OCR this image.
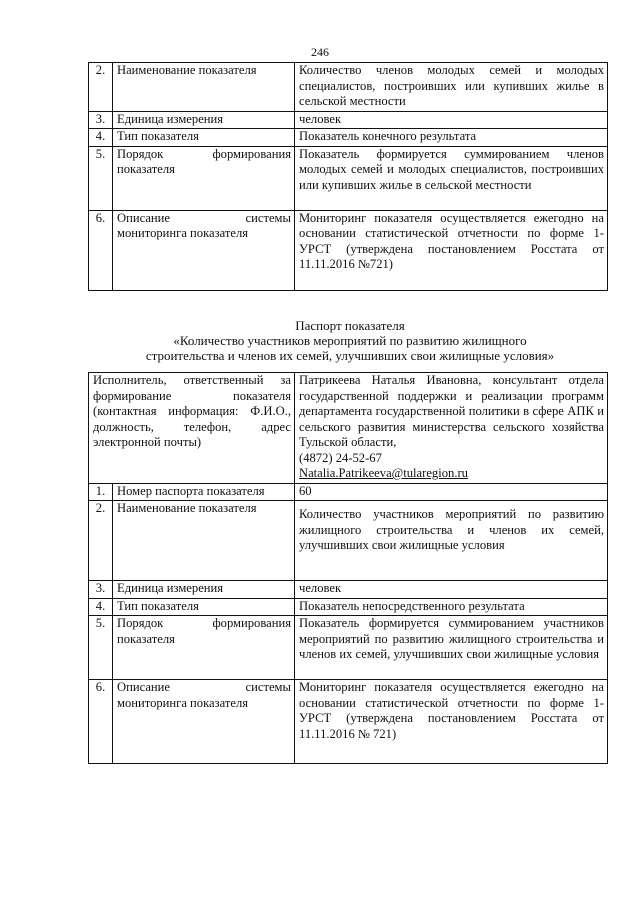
246
2.	Наименование показателя	Количество членов молодых семей и молодых специалистов, построивших или купивших жилье в сельской местности
3.	Единица измерения	человек
4.	Тип показателя	Показатель конечного результата
5.	Порядок формирования показателя	Показатель формируется суммированием членов молодых семей и молодых специалистов, построивших или купивших жилье в сельской местности
6.	Описание системы мониторинга показателя	Мониторинг показателя осуществляется ежегодно на основании статистической отчетности по форме 1-УРСТ (утверждена постановлением Росстата от 11.11.2016 №721)
Паспорт показателя
«Количество участников мероприятий по развитию жилищного
строительства и членов их семей, улучшивших свои жилищные условия»
Исполнитель, ответственный за формирование показателя (контактная информация: Ф.И.О., должность, телефон, адрес электронной почты)		Патрикеева Наталья Ивановна, консультант отдела государственной поддержки и реализации программ департамента государственной политики в сфере АПК и сельского развития министерства сельского хозяйства Тульской области,
(4872) 24-52-67
Natalia.Patrikeeva@tularegion.ru

1.	Номер паспорта показателя	60
2.	Наименование показателя	Количество участников мероприятий по развитию жилищного строительства и членов их семей, улучшивших свои жилищные условия
3.	Единица измерения	человек
4.	Тип показателя	Показатель непосредственного результата
5.	Порядок формирования показателя	Показатель формируется суммированием участников мероприятий по развитию жилищного строительства и членов их семей, улучшивших свои жилищные условия
6.	Описание системы мониторинга показателя	Мониторинг показателя осуществляется ежегодно на основании статистической отчетности по форме 1-УРСТ (утверждена постановлением Росстата от 11.11.2016 № 721)
